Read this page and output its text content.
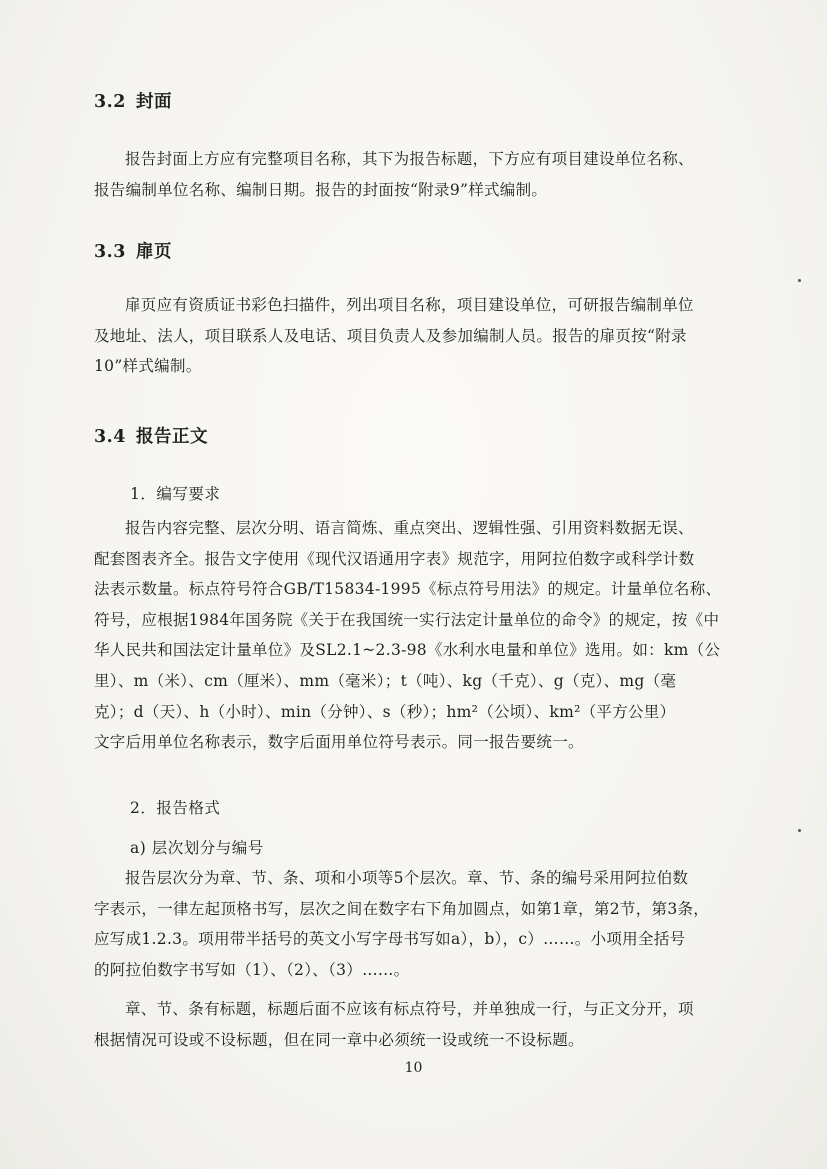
3.2 封面
报告封面上方应有完整项目名称，其下为报告标题，下方应有项目建设单位名称、
报告编制单位名称、编制日期。报告的封面按“附录9”样式编制。
3.3 扉页
扉页应有资质证书彩色扫描件，列出项目名称，项目建设单位，可研报告编制单位
及地址、法人，项目联系人及电话、项目负责人及参加编制人员。报告的扉页按“附录
10”样式编制。
3.4 报告正文
1．编写要求
报告内容完整、层次分明、语言简炼、重点突出、逻辑性强、引用资料数据无误、
配套图表齐全。报告文字使用《现代汉语通用字表》规范字，用阿拉伯数字或科学计数
法表示数量。标点符号符合GB/T15834-1995《标点符号用法》的规定。计量单位名称、
符号，应根据1984年国务院《关于在我国统一实行法定计量单位的命令》的规定，按《中
华人民共和国法定计量单位》及SL2.1~2.3-98《水利水电量和单位》选用。如：km（公
里）、m（米）、cm（厘米）、mm（毫米）；t（吨）、kg（千克）、g（克）、mg（毫
克）；d（天）、h（小时）、min（分钟）、s（秒）；hm²（公顷）、km²（平方公里）
文字后用单位名称表示，数字后面用单位符号表示。同一报告要统一。
2．报告格式
a) 层次划分与编号
报告层次分为章、节、条、项和小项等5个层次。章、节、条的编号采用阿拉伯数
字表示，一律左起顶格书写，层次之间在数字右下角加圆点，如第1章，第2节，第3条，
应写成1.2.3。项用带半括号的英文小写字母书写如a），b），c）……。小项用全括号
的阿拉伯数字书写如（1）、（2）、（3）……。
章、节、条有标题，标题后面不应该有标点符号，并单独成一行，与正文分开，项
根据情况可设或不设标题，但在同一章中必须统一设或统一不设标题。
10
